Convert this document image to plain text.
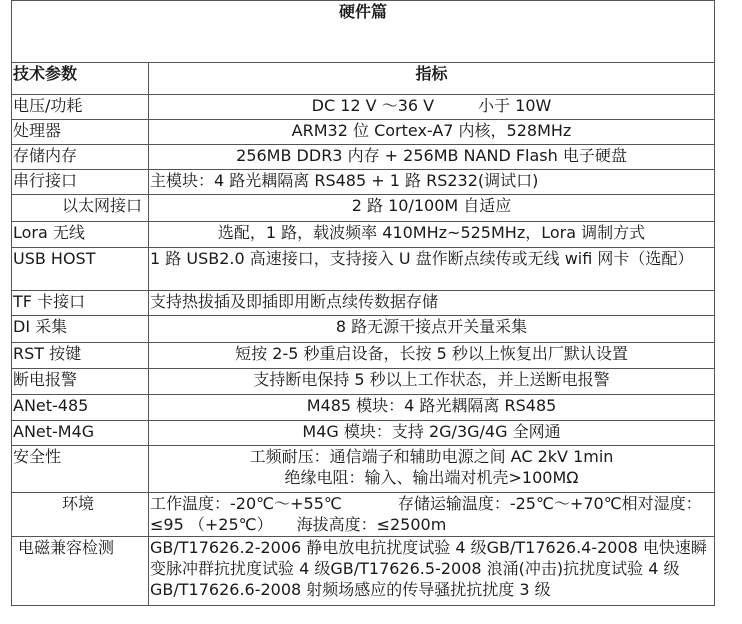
硬件篇	
技术参数	指标
电压/功耗	DC 12 V ～36 V 小于 10W
处理器	ARM32 位 Cortex-A7 内核，528MHz
存储内存	256MB DDR3 内存 + 256MB NAND Flash 电子硬盘
串行接口	主模块：4 路光耦隔离 RS485 + 1 路 RS232(调试口)
以太网接口	2 路 10/100M 自适应
Lora 无线	选配，1 路，载波频率 410MHz~525MHz，Lora 调制方式
USB HOST	1 路 USB2.0 高速接口，支持接入 U 盘作断点续传或无线 wifi 网卡（选配）
TF 卡接口	支持热拔插及即插即用断点续传数据存储
DI 采集	8 路无源干接点开关量采集
RST 按键	短按 2-5 秒重启设备，长按 5 秒以上恢复出厂默认设置
断电报警	支持断电保持 5 秒以上工作状态，并上送断电报警
ANet-485	M485 模块：4 路光耦隔离 RS485
ANet-M4G	M4G 模块：支持 2G/3G/4G 全网通
安全性	工频耐压：通信端子和辅助电源之间 AC 2kV 1min
绝缘电阻：输入、输出端对机壳>100MΩ

环境	工作温度：-20℃～+55℃ 存储运输温度：-25℃～+70℃相对湿度：≤95 （+25℃） 海拔高度：≤2500m
电磁兼容检测	GB/T17626.2-2006 静电放电抗扰度试验 4 级GB/T17626.4-2008 电快速瞬变脉冲群抗扰度试验 4 级GB/T17626.5-2008 浪涌(冲击)抗扰度试验 4 级GB/T17626.6-2008 射频场感应的传导骚扰抗扰度 3 级
